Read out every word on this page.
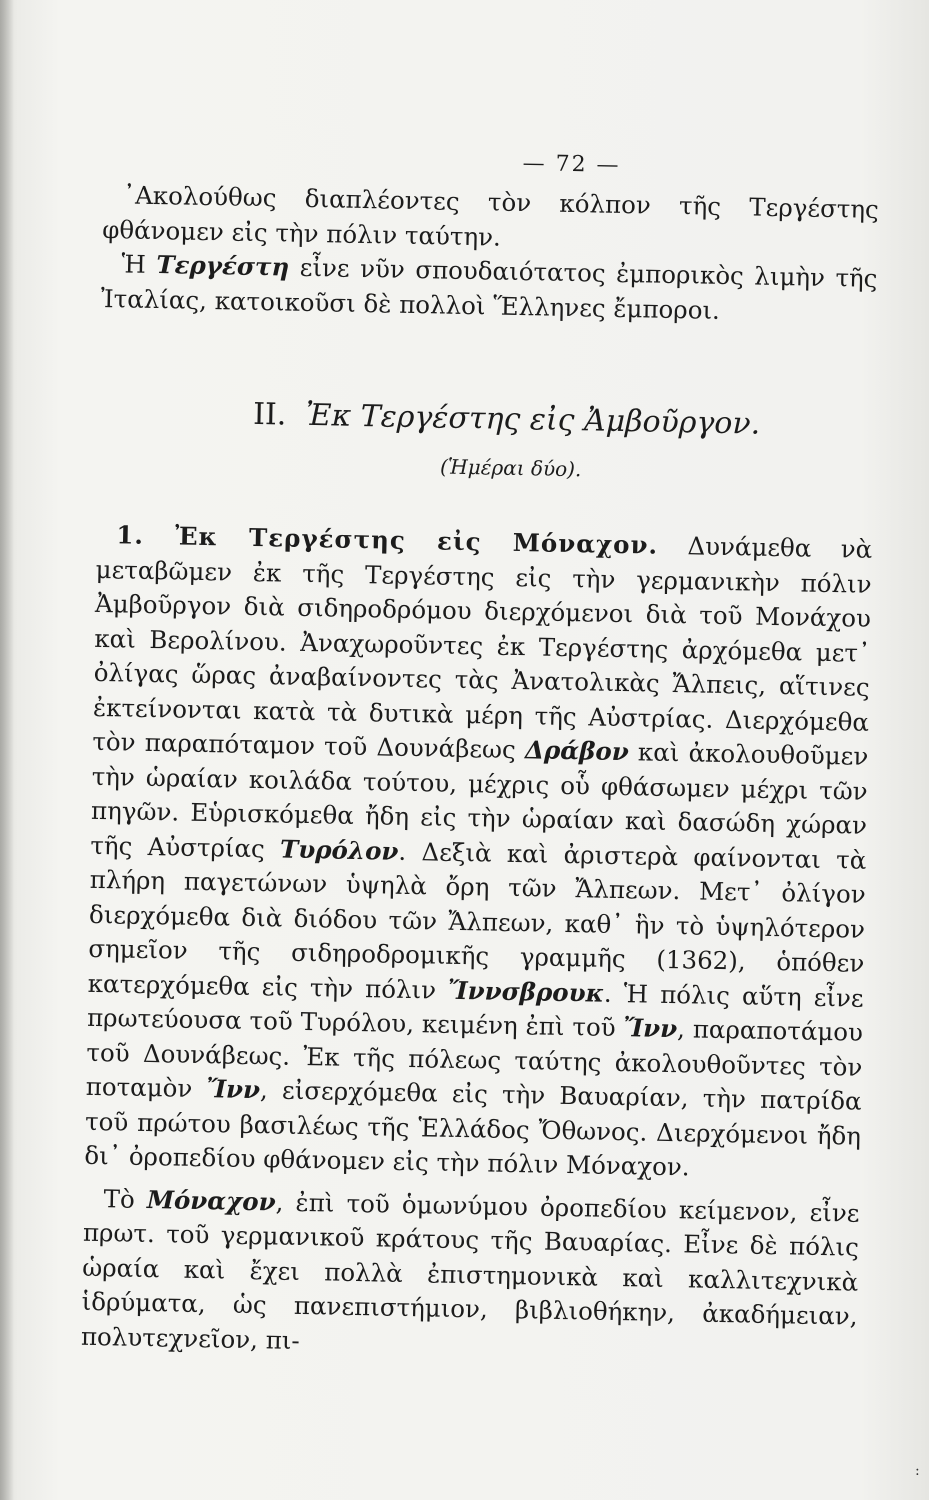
— 72 —

᾿Ακολούθως διαπλέοντες τὸν κόλπον τῆς Τεργέστης φθάνομεν εἰς τὴν πόλιν ταύτην.

Ἡ Τεργέστη εἶνε νῦν σπουδαιότατος ἐμπορικὸς λιμὴν τῆς Ἰταλίας, κατοικοῦσι δὲ πολλοὶ Ἕλληνες ἔμποροι.

ΙΙ. Ἐκ Τεργέστης εἰς Ἀμβοῦργον.
(Ἡμέραι δύο).

1. Ἐκ Τεργέστης εἰς Μόναχον. Δυνάμεθα νὰ μεταβῶμεν ἐκ τῆς Τεργέστης εἰς τὴν γερμανικὴν πόλιν Ἀμβοῦργον διὰ σιδηροδρόμου διερχόμενοι διὰ τοῦ Μονάχου καὶ Βερολίνου. Ἀναχωροῦντες ἐκ Τεργέστης ἀρχόμεθα μετ᾿ ὀλίγας ὥρας ἀναβαίνοντες τὰς Ἀνατολικὰς Ἄλπεις, αἵτινες ἐκτείνονται κατὰ τὰ δυτικὰ μέρη τῆς Αὐστρίας. Διερχόμεθα τὸν παραπόταμον τοῦ Δουνάβεως Δράβον καὶ ἀκολουθοῦμεν τὴν ὡραίαν κοιλάδα τούτου, μέχρις οὗ φθάσωμεν μέχρι τῶν πηγῶν. Εὑρισκόμεθα ἤδη εἰς τὴν ὡραίαν καὶ δασώδη χώραν τῆς Αὐστρίας Τυρόλον. Δεξιὰ καὶ ἀριστερὰ φαίνονται τὰ πλήρη παγετώνων ὑψηλὰ ὄρη τῶν Ἄλπεων. Μετ᾿ ὀλίγον διερχόμεθα διὰ διόδου τῶν Ἄλπεων, καθ᾿ ἣν τὸ ὑψηλότερον σημεῖον τῆς σιδηροδρομικῆς γραμμῆς (1362), ὁπόθεν κατερχόμεθα εἰς τὴν πόλιν Ἴννσβρουκ. Ἡ πόλις αὕτη εἶνε πρωτεύουσα τοῦ Τυρόλου, κειμένη ἐπὶ τοῦ Ἴνν, παραποτάμου τοῦ Δουνάβεως. Ἐκ τῆς πόλεως ταύτης ἀκολουθοῦντες τὸν ποταμὸν Ἴνν, εἰσερχόμεθα εἰς τὴν Βαυαρίαν, τὴν πατρίδα τοῦ πρώτου βασιλέως τῆς Ἑλλάδος Ὄθωνος. Διερχόμενοι ἤδη δι᾿ ὀροπεδίου φθάνομεν εἰς τὴν πόλιν Μόναχον.

Τὸ Μόναχον, ἐπὶ τοῦ ὁμωνύμου ὀροπεδίου κείμενον, εἶνε πρωτ. τοῦ γερμανικοῦ κράτους τῆς Βαυαρίας. Εἶνε δὲ πόλις ὡραία καὶ ἔχει πολλὰ ἐπιστημονικὰ καὶ καλλιτεχνικὰ ἱδρύματα, ὡς πανεπιστήμιον, βιβλιοθήκην, ἀκαδήμειαν, πολυτεχνεῖον, πι-

:
